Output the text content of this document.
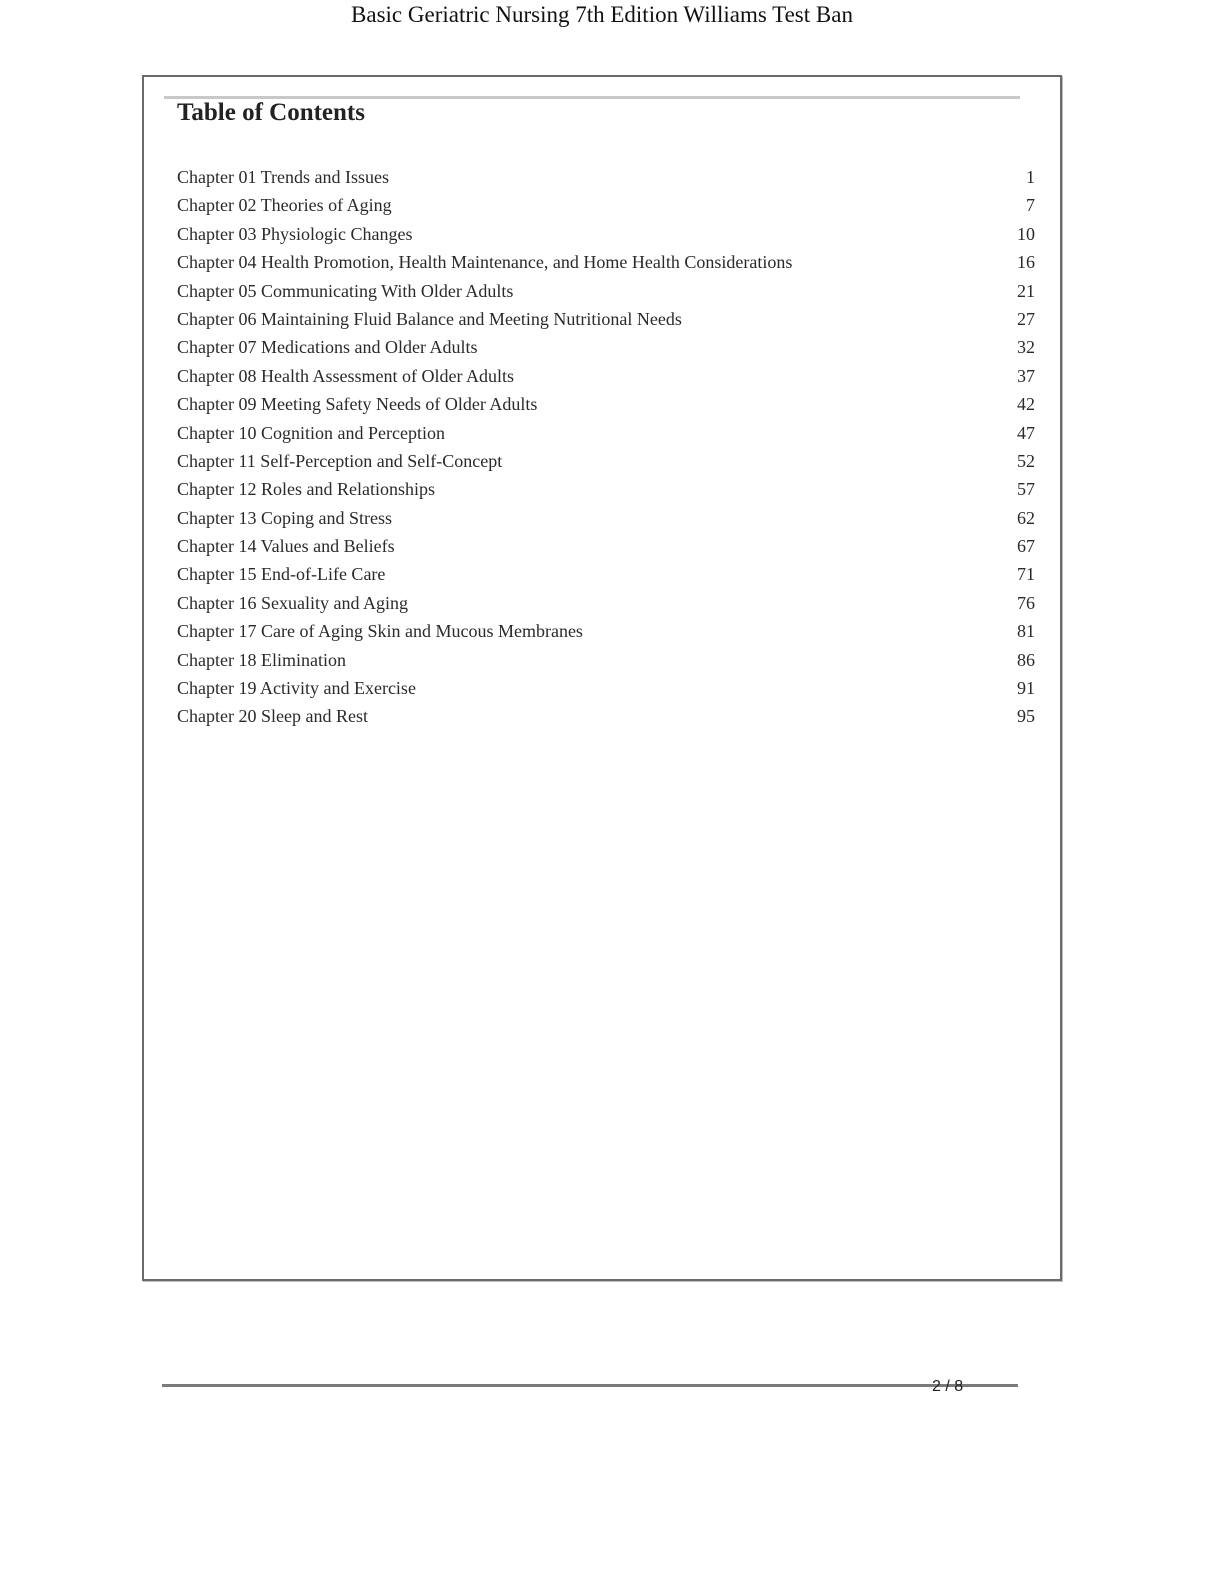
Basic Geriatric Nursing 7th Edition Williams Test Ban
Table of Contents
Chapter 01 Trends and Issues	1
Chapter 02 Theories of Aging	7
Chapter 03 Physiologic Changes	10
Chapter 04 Health Promotion, Health Maintenance, and Home Health Considerations	16
Chapter 05 Communicating With Older Adults	21
Chapter 06 Maintaining Fluid Balance and Meeting Nutritional Needs	27
Chapter 07 Medications and Older Adults	32
Chapter 08 Health Assessment of Older Adults	37
Chapter 09 Meeting Safety Needs of Older Adults	42
Chapter 10 Cognition and Perception	47
Chapter 11 Self-Perception and Self-Concept	52
Chapter 12 Roles and Relationships	57
Chapter 13 Coping and Stress	62
Chapter 14 Values and Beliefs	67
Chapter 15 End-of-Life Care	71
Chapter 16 Sexuality and Aging	76
Chapter 17 Care of Aging Skin and Mucous Membranes	81
Chapter 18 Elimination	86
Chapter 19 Activity and Exercise	91
Chapter 20 Sleep and Rest	95
2 / 8
